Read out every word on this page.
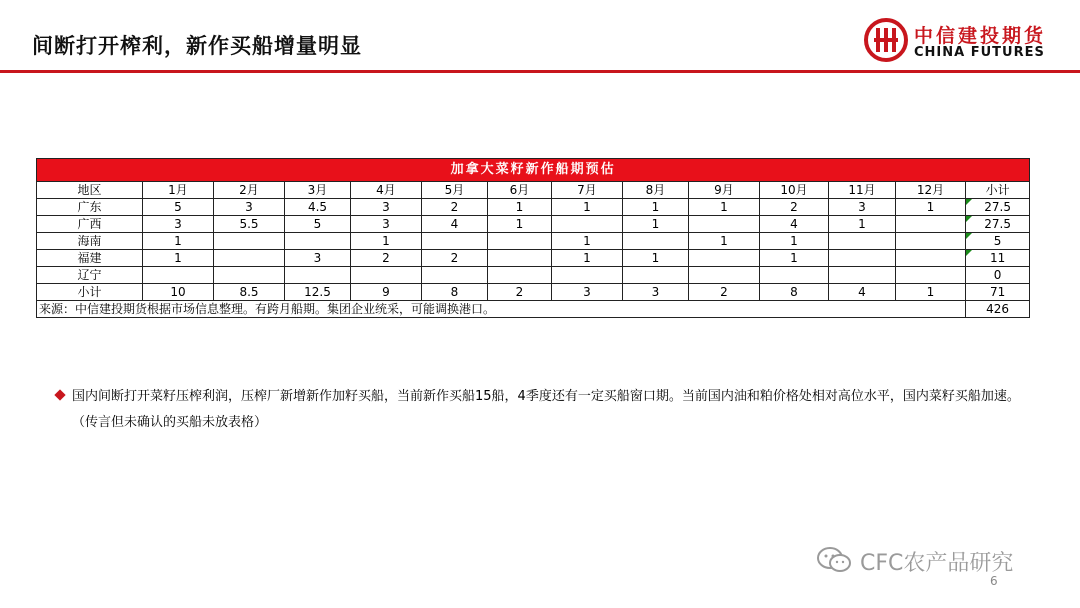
间断打开榨利，新作买船增量明显	中信建投期货
CHINA FUTURES
加拿大菜籽新作船期预估													
地区	1月	2月	3月	4月	5月	6月	7月	8月	9月	10月	11月	12月	小计
广东	5	3	4.5	3	2	1	1	1	1	2	3	1	27.5
广西	3	5.5	5	3	4	1		1		4	1		27.5
海南	1			1			1		1	1			5
福建	1		3	2	2		1	1		1			11
辽宁													0
小计	10	8.5	12.5	9	8	2	3	3	2	8	4	1	71
来源：中信建投期货根据市场信息整理。有跨月船期。集团企业统采，可能调换港口。													426
国内间断打开菜籽压榨利润，压榨厂新增新作加籽买船，当前新作买船15船，4季度还有一定买船窗口期。当前国内油和粕价格处相对高位水平，国内菜籽买船加速。（传言但未确认的买船未放表格）
CFC农产品研究
6
